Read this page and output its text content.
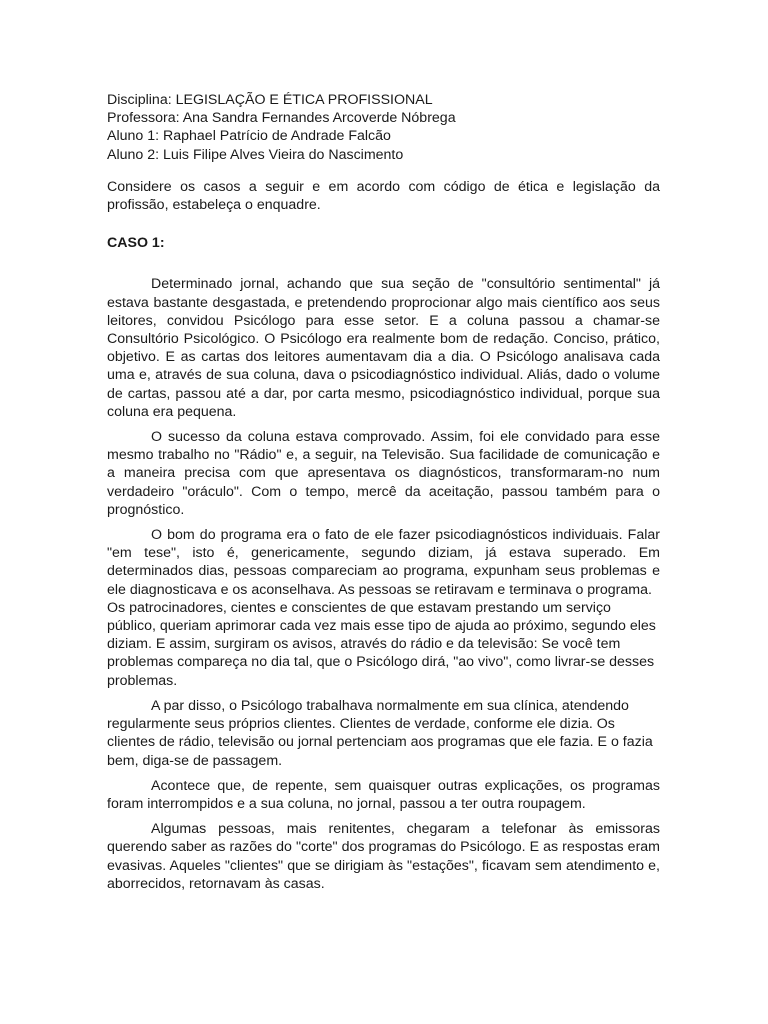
Disciplina: LEGISLAÇÃO E ÉTICA PROFISSIONAL

Professora: Ana Sandra Fernandes Arcoverde Nóbrega

Aluno 1: Raphael Patrício de Andrade Falcão

Aluno 2: Luis Filipe Alves Vieira do Nascimento

Considere os casos a seguir e em acordo com código de ética e legislação da profissão, estabeleça o enquadre.

CASO 1:

Determinado jornal, achando que sua seção de "consultório sentimental" já estava bastante desgastada, e pretendendo proprocionar algo mais científico aos seus leitores, convidou Psicólogo para esse setor. E a coluna passou a chamar-se Consultório Psicológico. O Psicólogo era realmente bom de redação. Conciso, prático, objetivo. E as cartas dos leitores aumentavam dia a dia. O Psicólogo analisava cada uma e, através de sua coluna, dava o psicodiagnóstico individual. Aliás, dado o volume de cartas, passou até a dar, por carta mesmo, psicodiagnóstico individual, porque sua coluna era pequena.

O sucesso da coluna estava comprovado. Assim, foi ele convidado para esse mesmo trabalho no "Rádio" e, a seguir, na Televisão. Sua facilidade de comunicação e a maneira precisa com que apresentava os diagnósticos, transformaram-no num verdadeiro "oráculo". Com o tempo, mercê da aceitação, passou também para o prognóstico.

O bom do programa era o fato de ele fazer psicodiagnósticos individuais. Falar "em tese", isto é, genericamente, segundo diziam, já estava superado. Em determinados dias, pessoas compareciam ao programa, expunham seus problemas e ele diagnosticava e os aconselhava. As pessoas se retiravam e terminava o programa.

Os patrocinadores, cientes e conscientes de que estavam prestando um serviço público, queriam aprimorar cada vez mais esse tipo de ajuda ao próximo, segundo eles diziam. E assim, surgiram os avisos, através do rádio e da televisão: Se você tem problemas compareça no dia tal, que o Psicólogo dirá, "ao vivo", como livrar-se desses problemas.

A par disso, o Psicólogo trabalhava normalmente em sua clínica, atendendo regularmente seus próprios clientes. Clientes de verdade, conforme ele dizia. Os clientes de rádio, televisão ou jornal pertenciam aos programas que ele fazia. E o fazia bem, diga-se de passagem.

Acontece que, de repente, sem quaisquer outras explicações, os programas foram interrompidos e a sua coluna, no jornal, passou a ter outra roupagem.

Algumas pessoas, mais renitentes, chegaram a telefonar às emissoras querendo saber as razões do "corte" dos programas do Psicólogo. E as respostas eram evasivas. Aqueles "clientes" que se dirigiam às "estações", ficavam sem atendimento e, aborrecidos, retornavam às casas.
